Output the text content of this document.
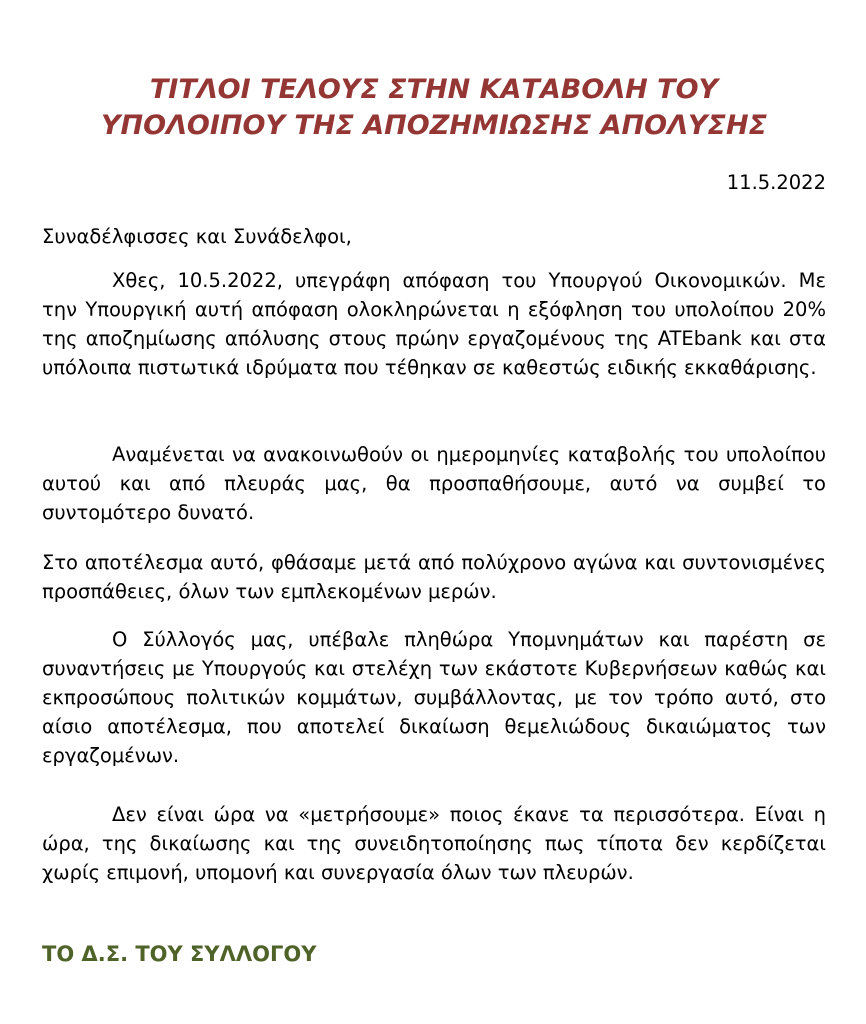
ΤΙΤΛΟΙ ΤΕΛΟΥΣ ΣΤΗΝ ΚΑΤΑΒΟΛΗ ΤΟΥ
ΥΠΟΛΟΙΠΟΥ ΤΗΣ ΑΠΟΖΗΜΙΩΣΗΣ ΑΠΟΛΥΣΗΣ
11.5.2022

Συναδέλφισσες και Συνάδελφοι,

Χθες, 10.5.2022, υπεγράφη απόφαση του Υπουργού Οικονομικών. Με την Υπουργική αυτή απόφαση ολοκληρώνεται η εξόφληση του υπολοίπου 20% της αποζημίωσης απόλυσης στους πρώην εργαζομένους της ATEbank και στα υπόλοιπα πιστωτικά ιδρύματα που τέθηκαν σε καθεστώς ειδικής εκκαθάρισης.

Αναμένεται να ανακοινωθούν οι ημερομηνίες καταβολής του υπολοίπου αυτού και από πλευράς μας, θα προσπαθήσουμε, αυτό να συμβεί το συντομότερο δυνατό.

Στο αποτέλεσμα αυτό, φθάσαμε μετά από πολύχρονο αγώνα και συντονισμένες προσπάθειες, όλων των εμπλεκομένων μερών.

Ο Σύλλογός μας, υπέβαλε πληθώρα Υπομνημάτων και παρέστη σε συναντήσεις με Υπουργούς και στελέχη των εκάστοτε Κυβερνήσεων καθώς και εκπροσώπους πολιτικών κομμάτων, συμβάλλοντας, με τον τρόπο αυτό, στο αίσιο αποτέλεσμα, που αποτελεί δικαίωση θεμελιώδους δικαιώματος των εργαζομένων.

Δεν είναι ώρα να «μετρήσουμε» ποιος έκανε τα περισσότερα. Είναι η ώρα, της δικαίωσης και της συνειδητοποίησης πως τίποτα δεν κερδίζεται χωρίς επιμονή, υπομονή και συνεργασία όλων των πλευρών.

ΤΟ Δ.Σ. ΤΟΥ ΣΥΛΛΟΓΟΥ
